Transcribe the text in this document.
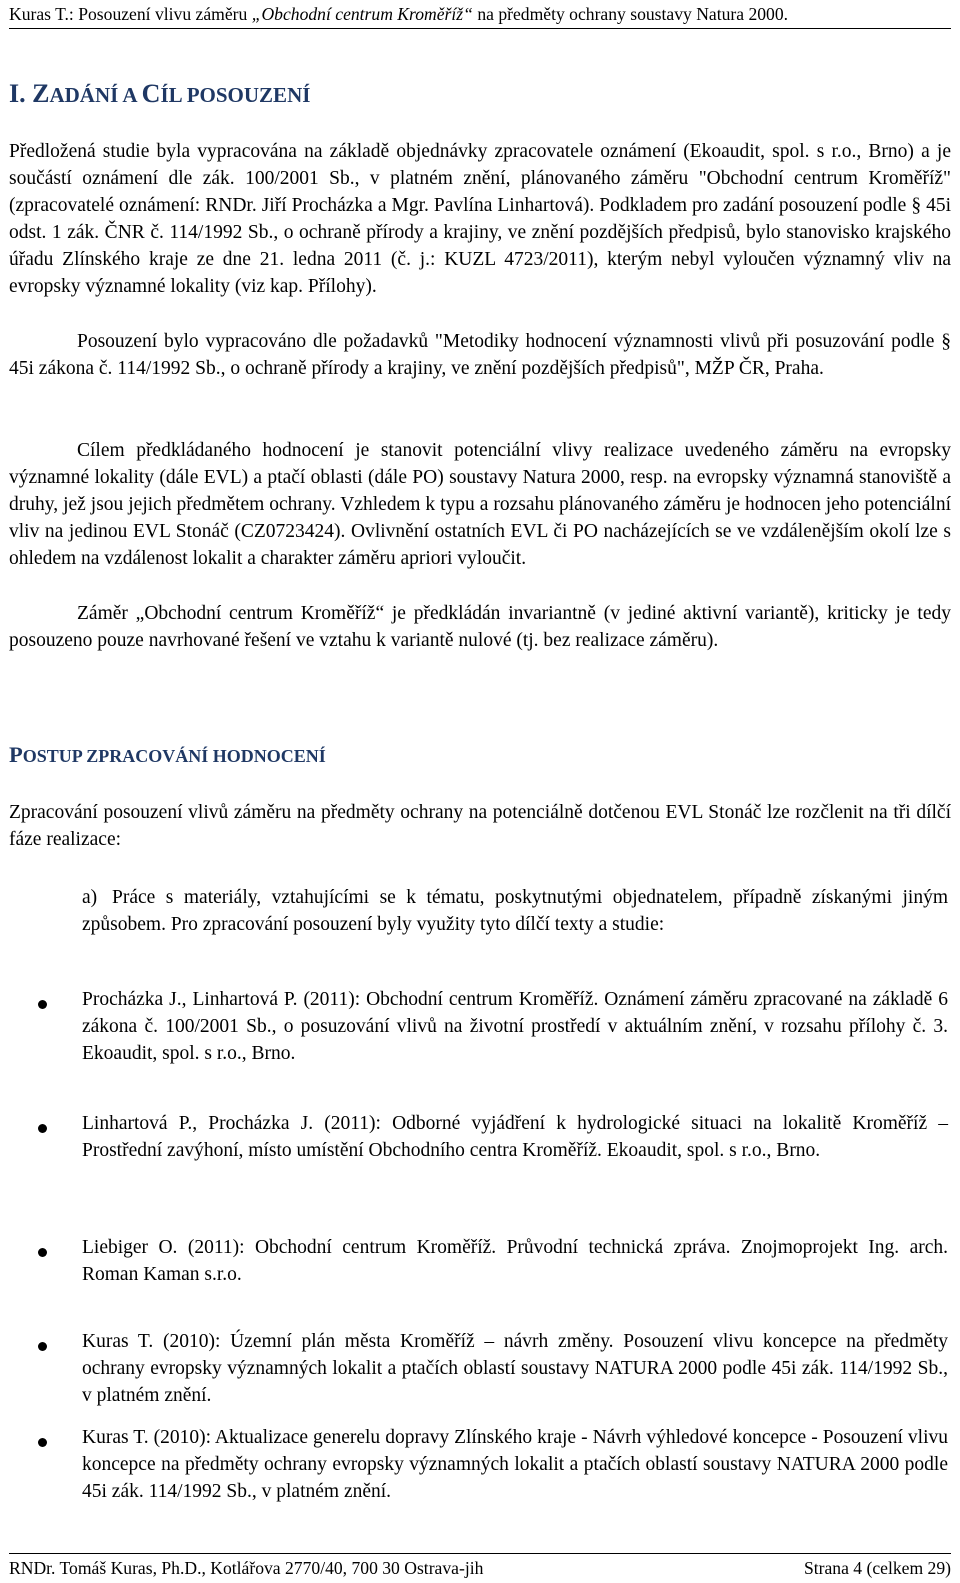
Kuras T.: Posouzení vlivu záměru „Obchodní centrum Kroměříž“ na předměty ochrany soustavy Natura 2000.
I. ZADÁNÍ A CÍL POSOUZENÍ

Předložená studie byla vypracována na základě objednávky zpracovatele oznámení (Ekoaudit, spol. s r.o., Brno) a je součástí oznámení dle zák. 100/2001 Sb., v platném znění, plánovaného záměru "Obchodní centrum Kroměříž" (zpracovatelé oznámení: RNDr. Jiří Procházka a Mgr. Pavlína Linhartová). Podkladem pro zadání posouzení podle § 45i odst. 1 zák. ČNR č. 114/1992 Sb., o ochraně přírody a krajiny, ve znění pozdějších předpisů, bylo stanovisko krajského úřadu Zlínského kraje ze dne 21. ledna 2011 (č. j.: KUZL 4723/2011), kterým nebyl vyloučen významný vliv na evropsky významné lokality (viz kap. Přílohy).

Posouzení bylo vypracováno dle požadavků "Metodiky hodnocení významnosti vlivů při posuzování podle § 45i zákona č. 114/1992 Sb., o ochraně přírody a krajiny, ve znění pozdějších předpisů", MŽP ČR, Praha.

Cílem předkládaného hodnocení je stanovit potenciální vlivy realizace uvedeného záměru na evropsky významné lokality (dále EVL) a ptačí oblasti (dále PO) soustavy Natura 2000, resp. na evropsky významná stanoviště a druhy, jež jsou jejich předmětem ochrany. Vzhledem k typu a rozsahu plánovaného záměru je hodnocen jeho potenciální vliv na jedinou EVL Stonáč (CZ0723424). Ovlivnění ostatních EVL či PO nacházejících se ve vzdálenějším okolí lze s ohledem na vzdálenost lokalit a charakter záměru apriori vyloučit.

Záměr „Obchodní centrum Kroměříž“ je předkládán invariantně (v jediné aktivní variantě), kriticky je tedy posouzeno pouze navrhované řešení ve vztahu k variantě nulové (tj. bez realizace záměru).

POSTUP ZPRACOVÁNÍ HODNOCENÍ

Zpracování posouzení vlivů záměru na předměty ochrany na potenciálně dotčenou EVL Stonáč lze rozčlenit na tři dílčí fáze realizace:

a) Práce s materiály, vztahujícími se k tématu, poskytnutými objednatelem, případně získanými jiným způsobem. Pro zpracování posouzení byly využity tyto dílčí texty a studie:

Procházka J., Linhartová P. (2011): Obchodní centrum Kroměříž. Oznámení záměru zpracované na základě 6 zákona č. 100/2001 Sb., o posuzování vlivů na životní prostředí v aktuálním znění, v rozsahu přílohy č. 3. Ekoaudit, spol. s r.o., Brno.

Linhartová P., Procházka J. (2011): Odborné vyjádření k hydrologické situaci na lokalitě Kroměříž – Prostřední zavýhoní, místo umístění Obchodního centra Kroměříž. Ekoaudit, spol. s r.o., Brno.

Liebiger O. (2011): Obchodní centrum Kroměříž. Průvodní technická zpráva. Znojmoprojekt Ing. arch. Roman Kaman s.r.o.

Kuras T. (2010): Územní plán města Kroměříž – návrh změny. Posouzení vlivu koncepce na předměty ochrany evropsky významných lokalit a ptačích oblastí soustavy NATURA 2000 podle 45i zák. 114/1992 Sb., v platném znění.

Kuras T. (2010): Aktualizace generelu dopravy Zlínského kraje - Návrh výhledové koncepce - Posouzení vlivu koncepce na předměty ochrany evropsky významných lokalit a ptačích oblastí soustavy NATURA 2000 podle 45i zák. 114/1992 Sb., v platném znění.

RNDr. Tomáš Kuras, Ph.D., Kotlářova 2770/40, 700 30 Ostrava-jih	Strana 4 (celkem 29)
